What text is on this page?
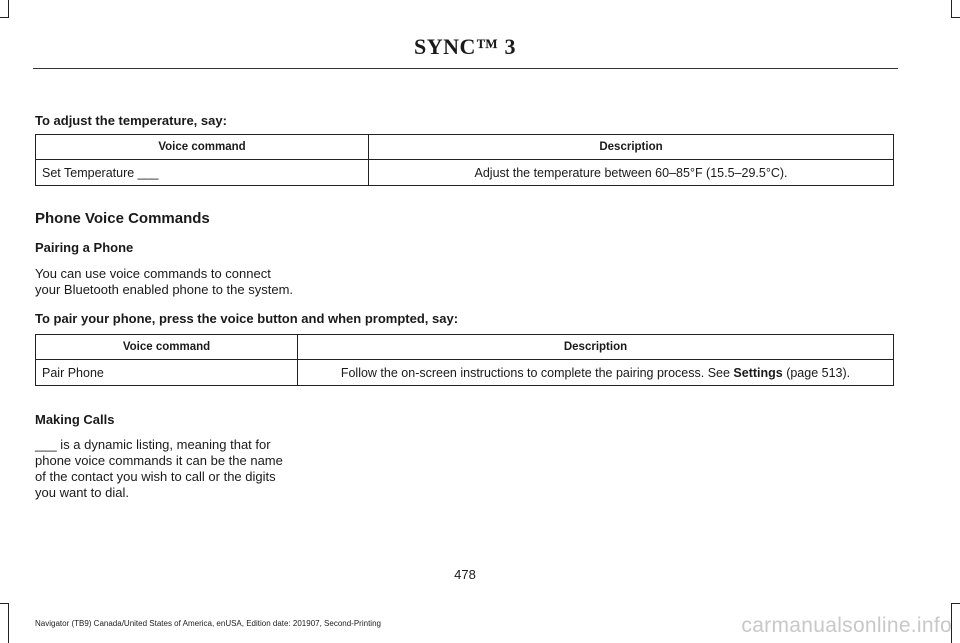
SYNC™ 3

To adjust the temperature, say:

Voice command	Description
Set Temperature ___	Adjust the temperature between 60–85°F (15.5–29.5°C).

Phone Voice Commands

Pairing a Phone

You can use voice commands to connect

your Bluetooth enabled phone to the system.

To pair your phone, press the voice button and when prompted, say:

Voice command	Description
Pair Phone	Follow the on-screen instructions to complete the pairing process. See Settings (page 513).

Making Calls

___ is a dynamic listing, meaning that for

phone voice commands it can be the name

of the contact you wish to call or the digits

you want to dial.

478
Navigator (TB9) Canada/United States of America, enUSA, Edition date: 201907, Second-Printing	carmanualsonline.info
